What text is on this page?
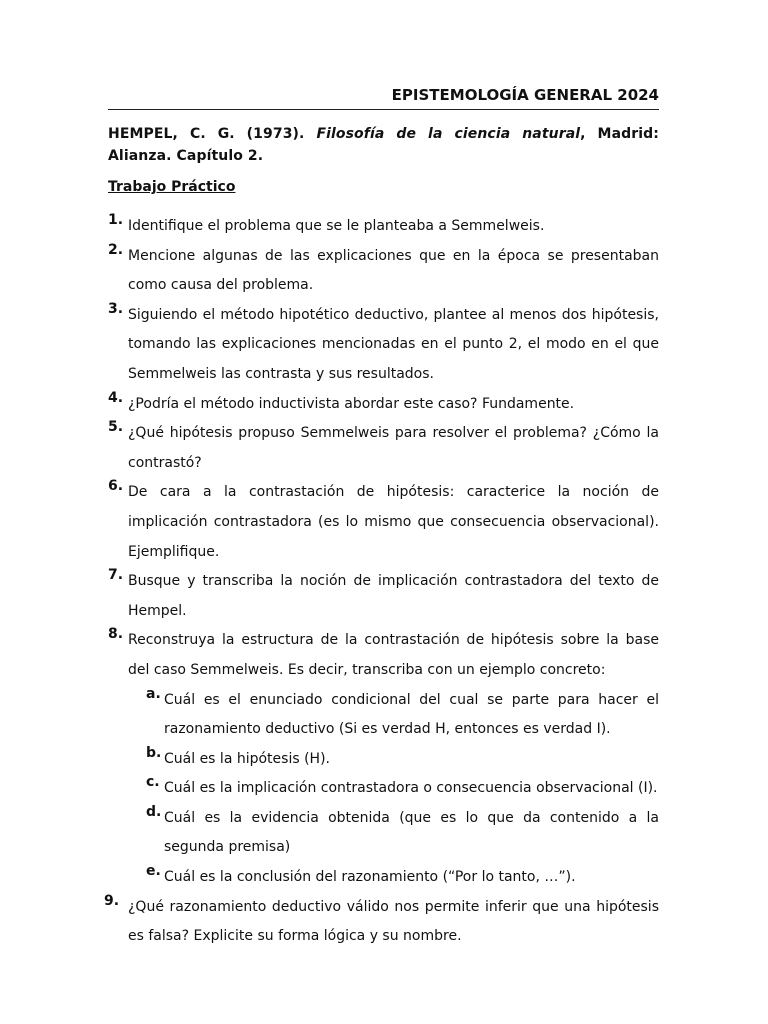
EPISTEMOLOGÍA GENERAL 2024
HEMPEL, C. G. (1973). Filosofía de la ciencia natural, Madrid: Alianza. Capítulo 2.
Trabajo Práctico
1. Identifique el problema que se le planteaba a Semmelweis.
2. Mencione algunas de las explicaciones que en la época se presentaban como causa del problema.
3. Siguiendo el método hipotético deductivo, plantee al menos dos hipótesis, tomando las explicaciones mencionadas en el punto 2, el modo en el que Semmelweis las contrasta y sus resultados.
4. ¿Podría el método inductivista abordar este caso? Fundamente.
5. ¿Qué hipótesis propuso Semmelweis para resolver el problema? ¿Cómo la contrastó?
6. De cara a la contrastación de hipótesis: caracterice la noción de implicación contrastadora (es lo mismo que consecuencia observacional). Ejemplifique.
7. Busque y transcriba la noción de implicación contrastadora del texto de Hempel.
8. Reconstruya la estructura de la contrastación de hipótesis sobre la base del caso Semmelweis. Es decir, transcriba con un ejemplo concreto:
a. Cuál es el enunciado condicional del cual se parte para hacer el razonamiento deductivo (Si es verdad H, entonces es verdad I).
b. Cuál es la hipótesis (H).
c. Cuál es la implicación contrastadora o consecuencia observacional (I).
d. Cuál es la evidencia obtenida (que es lo que da contenido a la segunda premisa)
e. Cuál es la conclusión del razonamiento (“Por lo tanto, …”).
9. ¿Qué razonamiento deductivo válido nos permite inferir que una hipótesis es falsa? Explicite su forma lógica y su nombre.
